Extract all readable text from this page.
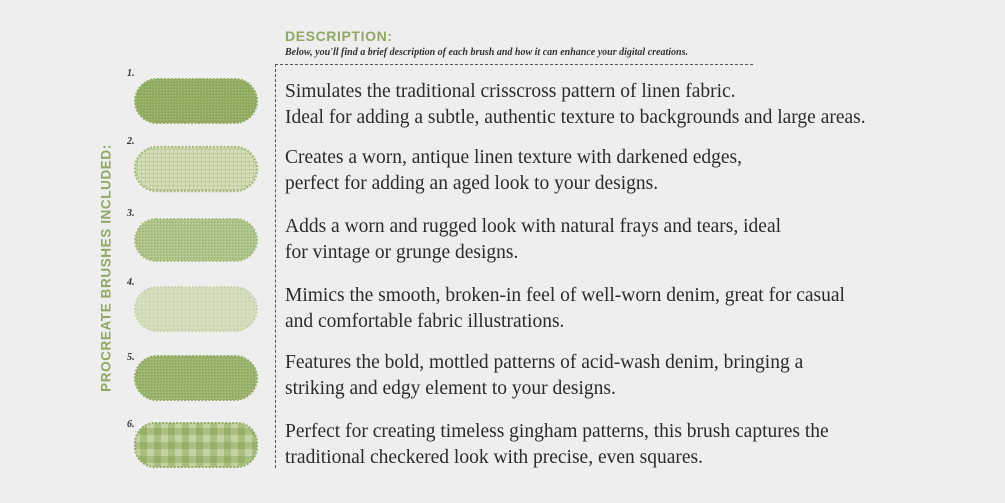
PROCREATE BRUSHES INCLUDED:
DESCRIPTION:
Below, you'll find a brief description of each brush and how it can enhance your digital creations.
1.
Simulates the traditional crisscross pattern of linen fabric.
Ideal for adding a subtle, authentic texture to backgrounds and large areas.
2.
Creates a worn, antique linen texture with darkened edges,
perfect for adding an aged look to your designs.
3.
Adds a worn and rugged look with natural frays and tears, ideal
for vintage or grunge designs.
4.
Mimics the smooth, broken-in feel of well-worn denim, great for casual
and comfortable fabric illustrations.
5.	Features the bold, mottled patterns of acid-wash denim, bringing a
striking and edgy element to your designs.
6.	Perfect for creating timeless gingham patterns, this brush captures the
traditional checkered look with precise, even squares.
